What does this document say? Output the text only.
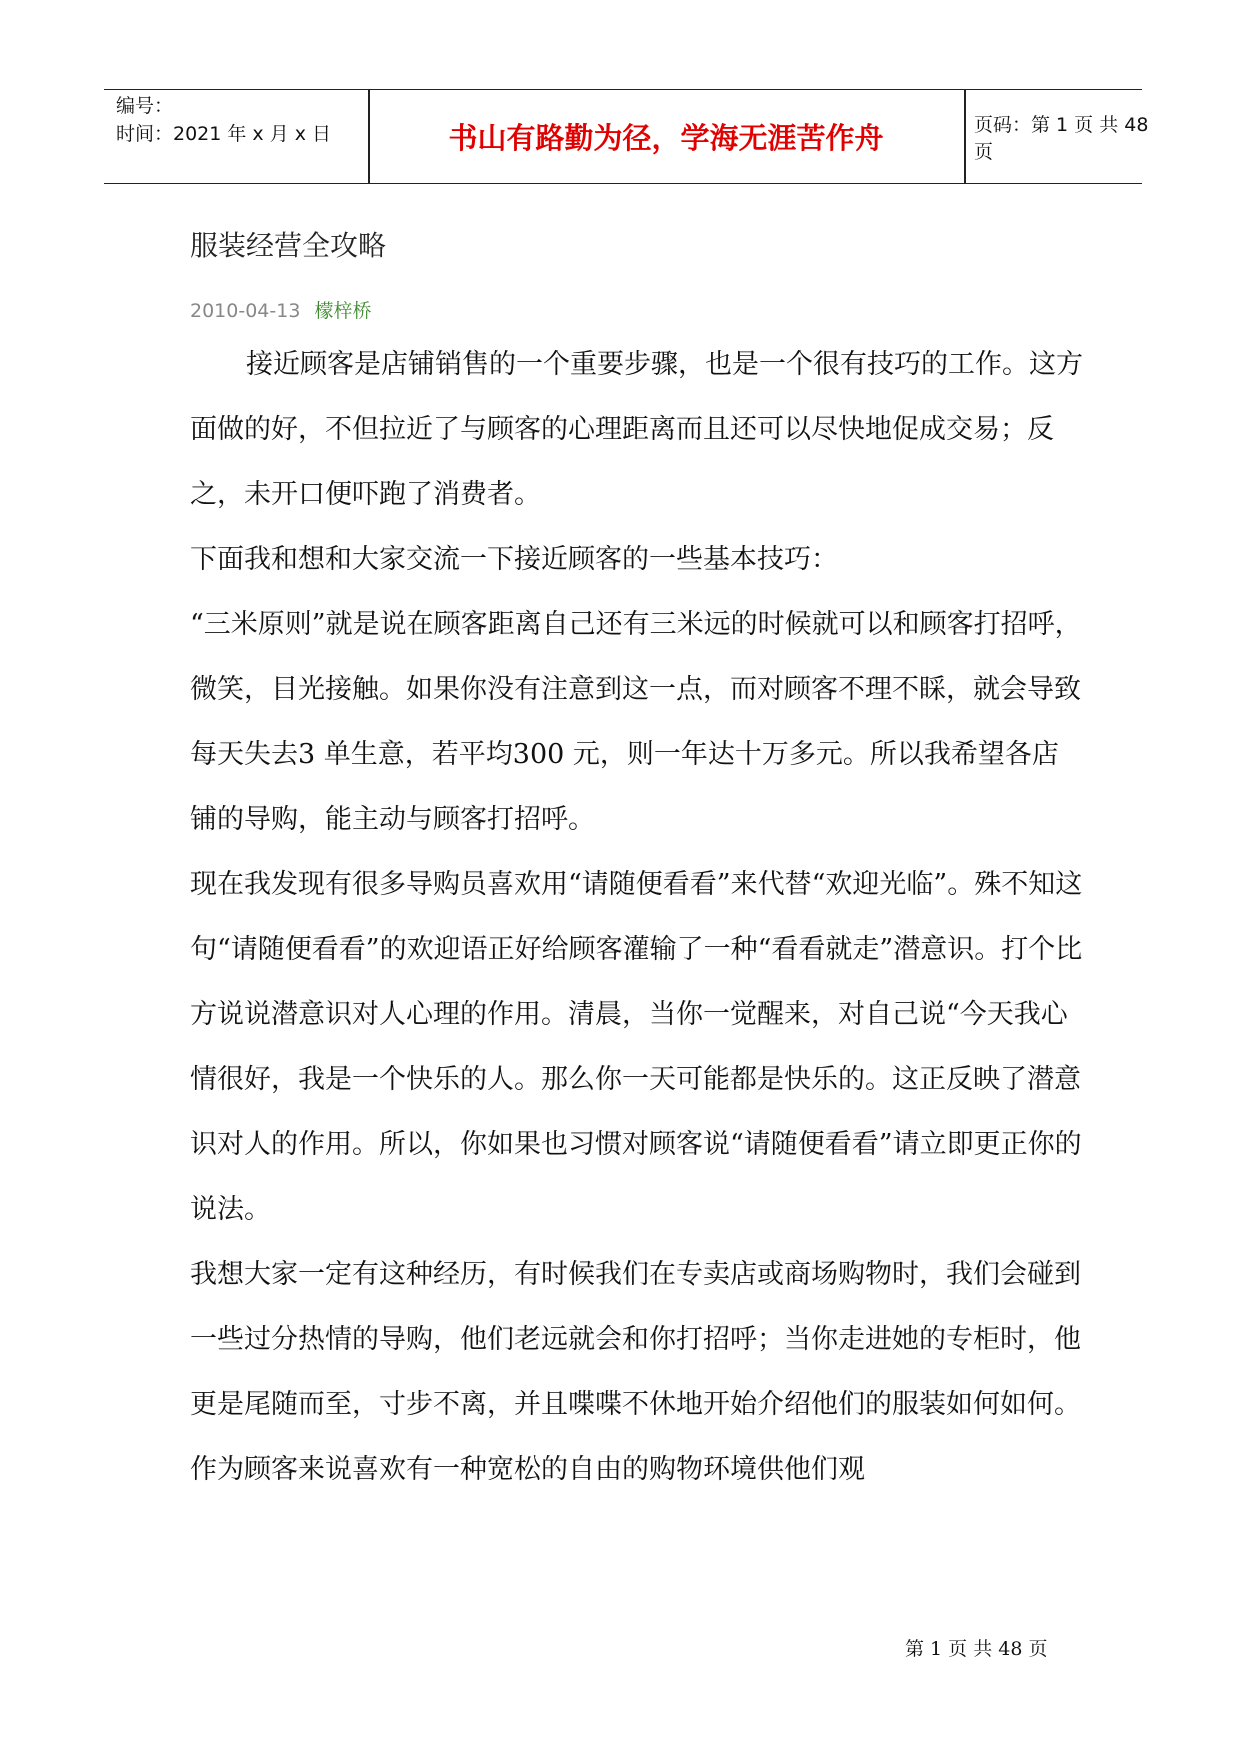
编号：
时间：2021 年 x 月 x 日	书山有路勤为径，学海无涯苦作舟	页码：第 1 页 共 48 页
服装经营全攻略
2010-04-13 檬梓桥

接近顾客是店铺销售的一个重要步骤，也是一个很有技巧的工作。这方面做的好，不但拉近了与顾客的心理距离而且还可以尽快地促成交易；反之，未开口便吓跑了消费者。

下面我和想和大家交流一下接近顾客的一些基本技巧：

“三米原则”就是说在顾客距离自己还有三米远的时候就可以和顾客打招呼，微笑，目光接触。如果你没有注意到这一点，而对顾客不理不睬，就会导致每天失去3 单生意，若平均300 元，则一年达十万多元。所以我希望各店铺的导购，能主动与顾客打招呼。

现在我发现有很多导购员喜欢用“请随便看看”来代替“欢迎光临”。殊不知这句“请随便看看”的欢迎语正好给顾客灌输了一种“看看就走”潜意识。打个比方说说潜意识对人心理的作用。清晨，当你一觉醒来，对自己说“今天我心情很好，我是一个快乐的人。那么你一天可能都是快乐的。这正反映了潜意识对人的作用。所以，你如果也习惯对顾客说“请随便看看”请立即更正你的说法。

我想大家一定有这种经历，有时候我们在专卖店或商场购物时，我们会碰到一些过分热情的导购，他们老远就会和你打招呼；当你走进她的专柜时，他更是尾随而至，寸步不离，并且喋喋不休地开始介绍他们的服装如何如何。作为顾客来说喜欢有一种宽松的自由的购物环境供他们观

第 1 页 共 48 页
